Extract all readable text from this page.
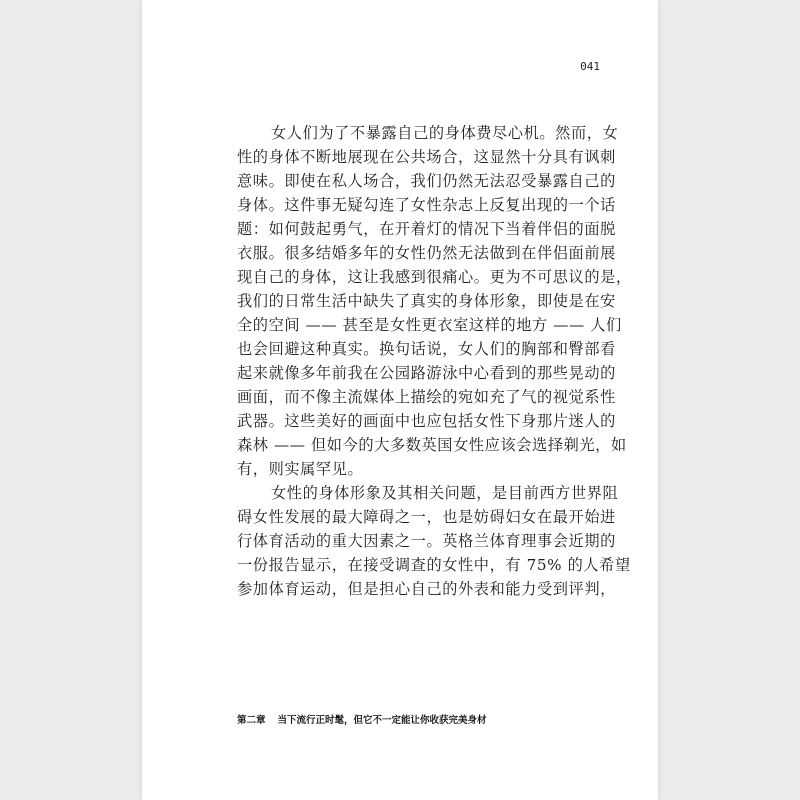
041
女人们为了不暴露自己的身体费尽心机。然而，女
性的身体不断地展现在公共场合，这显然十分具有讽刺
意味。即使在私人场合，我们仍然无法忍受暴露自己的
身体。这件事无疑勾连了女性杂志上反复出现的一个话
题：如何鼓起勇气，在开着灯的情况下当着伴侣的面脱
衣服。很多结婚多年的女性仍然无法做到在伴侣面前展
现自己的身体，这让我感到很痛心。更为不可思议的是，
我们的日常生活中缺失了真实的身体形象，即使是在安
全的空间 —— 甚至是女性更衣室这样的地方 —— 人们
也会回避这种真实。换句话说，女人们的胸部和臀部看
起来就像多年前我在公园路游泳中心看到的那些晃动的
画面，而不像主流媒体上描绘的宛如充了气的视觉系性
武器。这些美好的画面中也应包括女性下身那片迷人的
森林 —— 但如今的大多数英国女性应该会选择剃光，如
有，则实属罕见。
女性的身体形象及其相关问题，是目前西方世界阻
碍女性发展的最大障碍之一，也是妨碍妇女在最开始进
行体育活动的重大因素之一。英格兰体育理事会近期的
一份报告显示，在接受调查的女性中，有 75% 的人希望
参加体育运动，但是担心自己的外表和能力受到评判，
第二章 当下流行正时髦，但它不一定能让你收获完美身材
